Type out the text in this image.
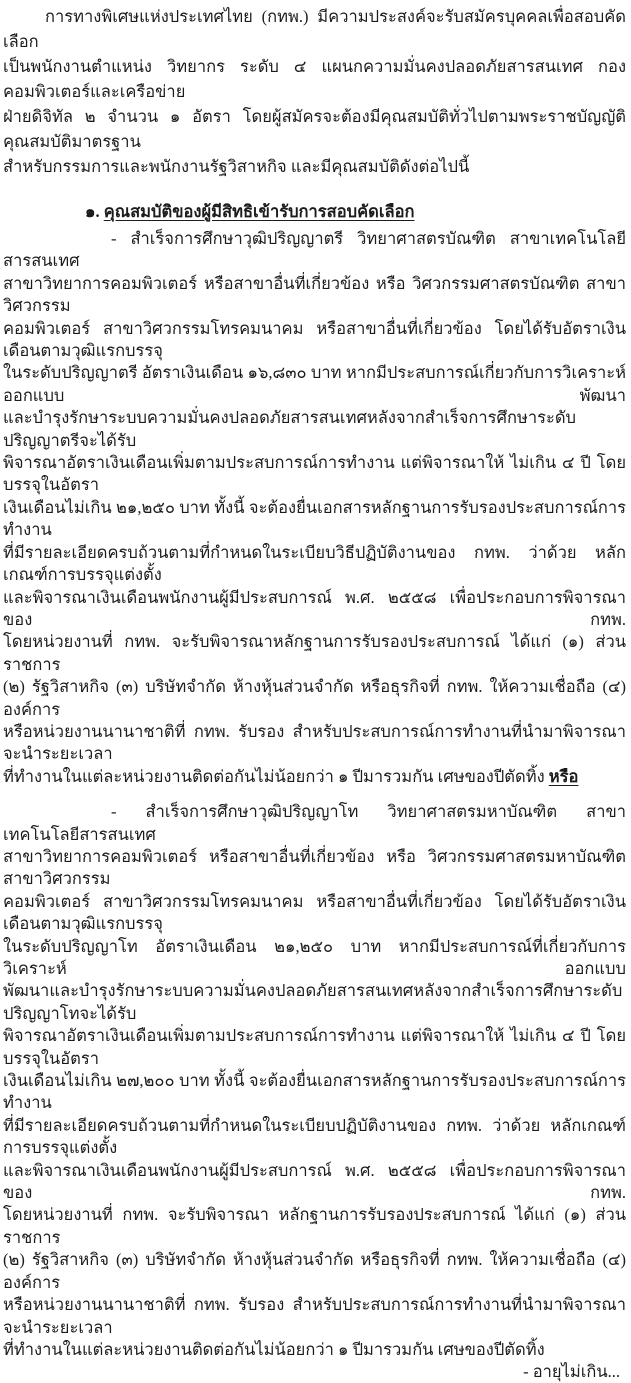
การทางพิเศษแห่งประเทศไทย (กทพ.) มีความประสงค์จะรับสมัครบุคคลเพื่อสอบคัดเลือก
เป็นพนักงานตำแหน่ง วิทยากร ระดับ ๔ แผนกความมั่นคงปลอดภัยสารสนเทศ กองคอมพิวเตอร์และเครือข่าย
ฝ่ายดิจิทัล ๒ จำนวน ๑ อัตรา โดยผู้สมัครจะต้องมีคุณสมบัติทั่วไปตามพระราชบัญญัติคุณสมบัติมาตรฐาน
สำหรับกรรมการและพนักงานรัฐวิสาหกิจ และมีคุณสมบัติดังต่อไปนี้
๑. คุณสมบัติของผู้มีสิทธิเข้ารับการสอบคัดเลือก
- สำเร็จการศึกษาวุฒิปริญญาตรี วิทยาศาสตรบัณฑิต สาขาเทคโนโลยีสารสนเทศ
สาขาวิทยาการคอมพิวเตอร์ หรือสาขาอื่นที่เกี่ยวข้อง หรือ วิศวกรรมศาสตรบัณฑิต สาขาวิศวกรรม
คอมพิวเตอร์ สาขาวิศวกรรมโทรคมนาคม หรือสาขาอื่นที่เกี่ยวข้อง โดยได้รับอัตราเงินเดือนตามวุฒิแรกบรรจุ
ในระดับปริญญาตรี อัตราเงินเดือน ๑๖,๘๓๐ บาท หากมีประสบการณ์เกี่ยวกับการวิเคราะห์ ออกแบบ พัฒนา
และบำรุงรักษาระบบความมั่นคงปลอดภัยสารสนเทศหลังจากสำเร็จการศึกษาระดับปริญญาตรีจะได้รับ
พิจารณาอัตราเงินเดือนเพิ่มตามประสบการณ์การทำงาน แต่พิจารณาให้ ไม่เกิน ๔ ปี โดยบรรจุในอัตรา
เงินเดือนไม่เกิน ๒๑,๒๕๐ บาท ทั้งนี้ จะต้องยื่นเอกสารหลักฐานการรับรองประสบการณ์การทำงาน
ที่มีรายละเอียดครบถ้วนตามที่กำหนดในระเบียบวิธีปฏิบัติงานของ กทพ. ว่าด้วย หลักเกณฑ์การบรรจุแต่งตั้ง
และพิจารณาเงินเดือนพนักงานผู้มีประสบการณ์ พ.ศ. ๒๕๕๘ เพื่อประกอบการพิจารณาของ กทพ.
โดยหน่วยงานที่ กทพ. จะรับพิจารณาหลักฐานการรับรองประสบการณ์ ได้แก่ (๑) ส่วนราชการ
(๒) รัฐวิสาหกิจ (๓) บริษัทจำกัด ห้างหุ้นส่วนจำกัด หรือธุรกิจที่ กทพ. ให้ความเชื่อถือ (๔) องค์การ
หรือหน่วยงานนานาชาติที่ กทพ. รับรอง สำหรับประสบการณ์การทำงานที่นำมาพิจารณาจะนำระยะเวลา
ที่ทำงานในแต่ละหน่วยงานติดต่อกันไม่น้อยกว่า ๑ ปีมารวมกัน เศษของปีตัดทิ้ง หรือ
- สำเร็จการศึกษาวุฒิปริญญาโท วิทยาศาสตรมหาบัณฑิต สาขาเทคโนโลยีสารสนเทศ
สาขาวิทยาการคอมพิวเตอร์ หรือสาขาอื่นที่เกี่ยวข้อง หรือ วิศวกรรมศาสตรมหาบัณฑิต สาขาวิศวกรรม
คอมพิวเตอร์ สาขาวิศวกรรมโทรคมนาคม หรือสาขาอื่นที่เกี่ยวข้อง โดยได้รับอัตราเงินเดือนตามวุฒิแรกบรรจุ
ในระดับปริญญาโท อัตราเงินเดือน ๒๑,๒๕๐ บาท หากมีประสบการณ์ที่เกี่ยวกับการวิเคราะห์ ออกแบบ
พัฒนาและบำรุงรักษาระบบความมั่นคงปลอดภัยสารสนเทศหลังจากสำเร็จการศึกษาระดับปริญญาโทจะได้รับ
พิจารณาอัตราเงินเดือนเพิ่มตามประสบการณ์การทำงาน แต่พิจารณาให้ ไม่เกิน ๔ ปี โดยบรรจุในอัตรา
เงินเดือนไม่เกิน ๒๗,๒๐๐ บาท ทั้งนี้ จะต้องยื่นเอกสารหลักฐานการรับรองประสบการณ์การทำงาน
ที่มีรายละเอียดครบถ้วนตามที่กำหนดในระเบียบปฏิบัติงานของ กทพ. ว่าด้วย หลักเกณฑ์การบรรจุแต่งตั้ง
และพิจารณาเงินเดือนพนักงานผู้มีประสบการณ์ พ.ศ. ๒๕๕๘ เพื่อประกอบการพิจารณาของ กทพ.
โดยหน่วยงานที่ กทพ. จะรับพิจารณา หลักฐานการรับรองประสบการณ์ ได้แก่ (๑) ส่วนราชการ
(๒) รัฐวิสาหกิจ (๓) บริษัทจำกัด ห้างหุ้นส่วนจำกัด หรือธุรกิจที่ กทพ. ให้ความเชื่อถือ (๔) องค์การ
หรือหน่วยงานนานาชาติที่ กทพ. รับรอง สำหรับประสบการณ์การทำงานที่นำมาพิจารณาจะนำระยะเวลา
ที่ทำงานในแต่ละหน่วยงานติดต่อกันไม่น้อยกว่า ๑ ปีมารวมกัน เศษของปีตัดทิ้ง
- อายุไม่เกิน...
